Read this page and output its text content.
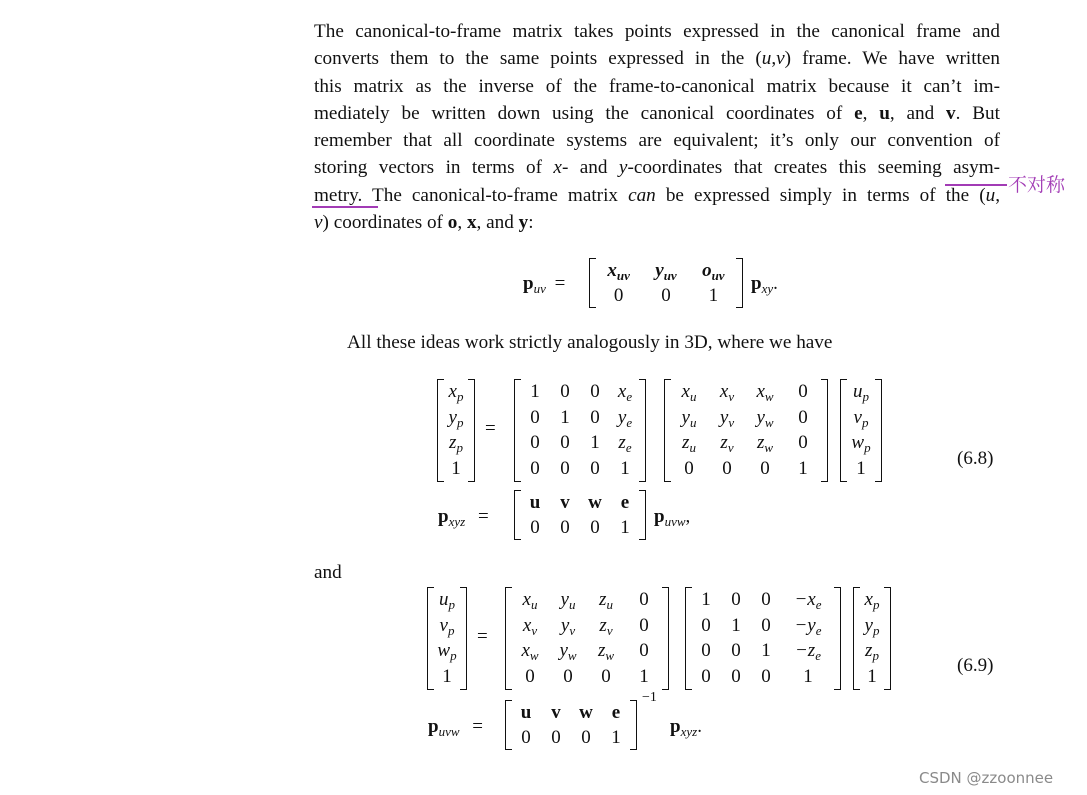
The canonical-to-frame matrix takes points expressed in the canonical frame and
converts them to the same points expressed in the (u,v) frame. We have written
this matrix as the inverse of the frame-to-canonical matrix because it can’t im-
mediately be written down using the canonical coordinates of e, u, and v. But
remember that all coordinate systems are equivalent; it’s only our convention of
storing vectors in terms of x- and y-coordinates that creates this seeming asym-
metry. The canonical-to-frame matrix can be expressed simply in terms of the (u,
v) coordinates of o, x, and y:
不对称
$p_{uv}$ =
$x_{uv}$ $y_{uv}$ $o_{uv}$
0 0 1
$p_{xy}$.
All these ideas work strictly analogously in 3D, where we have
$x_p$
$y_p$
$z_p$
1
=
1 0 0 $x_e$
0 1 0 $y_e$
0 0 1 $z_e$
0 0 0 1
$x_u$ $x_v$ $x_w$ 0
$y_u$ $y_v$ $y_w$ 0
$z_u$ $z_v$ $z_w$ 0
0 0 0 1
$u_p$
$v_p$
$w_p$
1	(6.8)
$p_{xyz}$ =
u v w e
0 0 0 1 $p_{uvw}$,
and
$u_p$
$v_p$
$w_p$
1
=
$x_u$ $y_u$ $z_u$ 0
$x_v$ $y_v$ $z_v$ 0
$x_w$ $y_w$ $z_w$ 0
0 0 0 1
1 0 $0 -x_e$
0 1 $0 -y_e$
0 0 $1 -z_e$
0 0 0 1
$x_p$
$y_p$
$z_p$
1
(6.9)
$p_{uvw}$ =
u v w e
0 0 0 1
−1
$p_{xyz}$.
CSDN @zzoonnee
